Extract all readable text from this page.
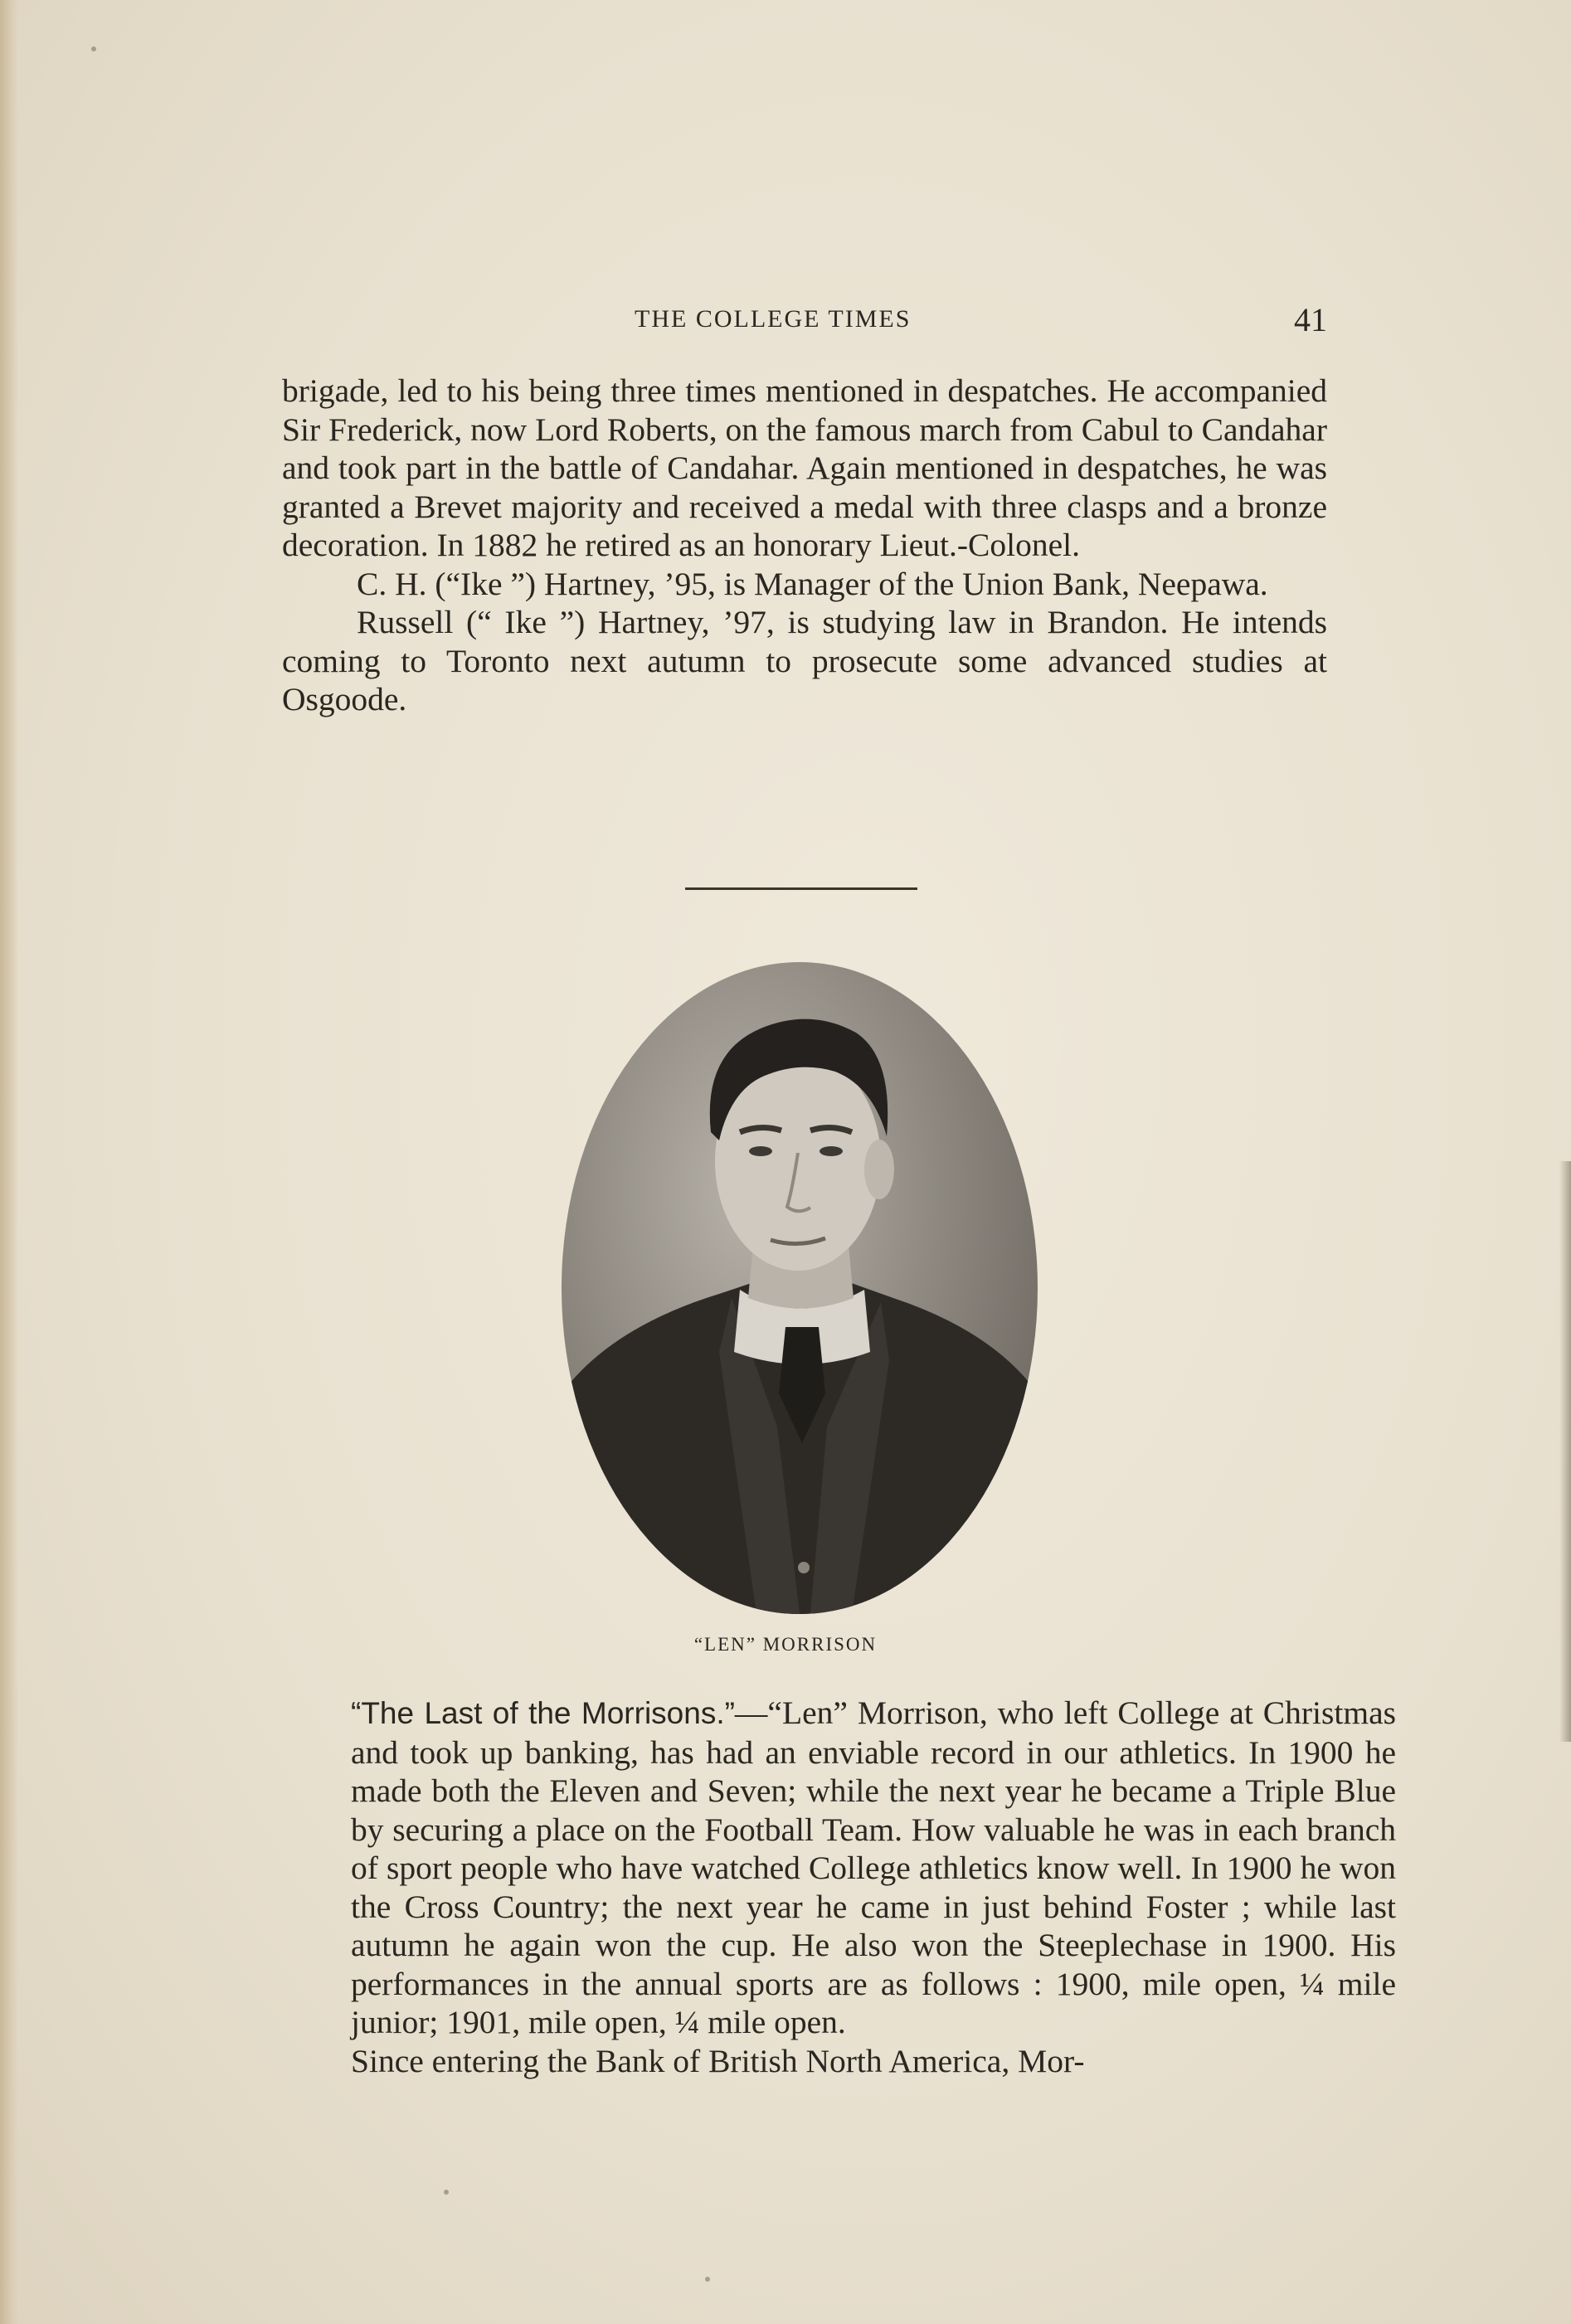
THE COLLEGE TIMES	41

brigade, led to his being three times mentioned in despatches. He accompanied Sir Frederick, now Lord Roberts, on the famous march from Cabul to Candahar and took part in the battle of Candahar. Again mentioned in despatches, he was granted a Brevet majority and received a medal with three clasps and a bronze decoration. In 1882 he retired as an honorary Lieut.-Colonel.

C. H. (“Ike ”) Hartney, ’95, is Manager of the Union Bank, Neepawa.

Russell (“ Ike ”) Hartney, ’97, is studying law in Brandon. He intends coming to Toronto next autumn to prosecute some advanced studies at Osgoode.

“LEN” MORRISON

“The Last of the Morrisons.”—“Len” Morrison, who left College at Christmas and took up banking, has had an enviable record in our athletics. In 1900 he made both the Eleven and Seven; while the next year he became a Triple Blue by securing a place on the Football Team. How valuable he was in each branch of sport people who have watched College athletics know well. In 1900 he won the Cross Country; the next year he came in just behind Foster ; while last autumn he again won the cup. He also won the Steeplechase in 1900. His performances in the annual sports are as follows : 1900, mile open, ¼ mile junior; 1901, mile open, ¼ mile open.

Since entering the Bank of British North America, Mor-
